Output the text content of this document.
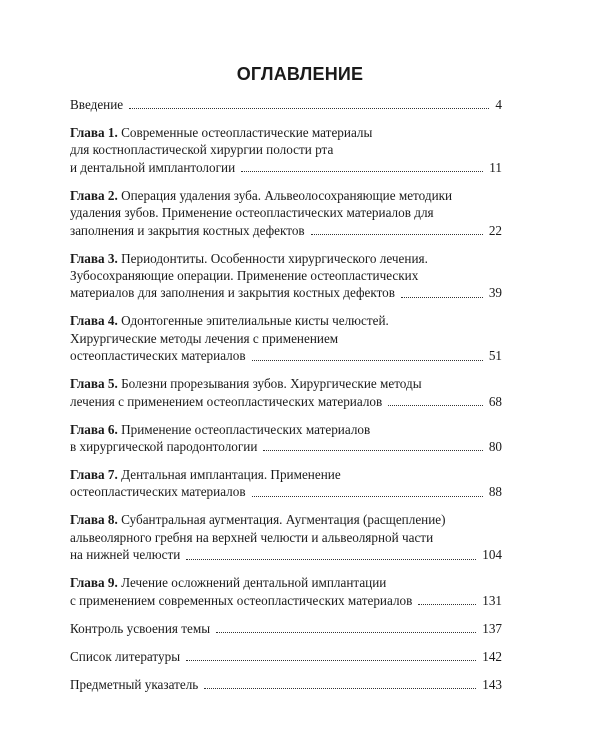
ОГЛАВЛЕНИЕ
Введение	4
Глава 1. Современные остеопластические материалы
для костнопластической хирургии полости рта
и дентальной имплантологии	11
Глава 2. Операция удаления зуба. Альвеолосохраняющие методики
удаления зубов. Применение остеопластических материалов для
заполнения и закрытия костных дефектов	22
Глава 3. Периодонтиты. Особенности хирургического лечения.
Зубосохраняющие операции. Применение остеопластических
материалов для заполнения и закрытия костных дефектов	39
Глава 4. Одонтогенные эпителиальные кисты челюстей.
Хирургические методы лечения с применением
остеопластических материалов	51
Глава 5. Болезни прорезывания зубов. Хирургические методы
лечения с применением остеопластических материалов	68
Глава 6. Применение остеопластических материалов
в хирургической пародонтологии	80
Глава 7. Дентальная имплантация. Применение
остеопластических материалов	88
Глава 8. Субантральная аугментация. Аугментация (расщепление)
альвеолярного гребня на верхней челюсти и альвеолярной части
на нижней челюсти	104
Глава 9. Лечение осложнений дентальной имплантации
с применением современных остеопластических материалов	131
Контроль усвоения темы	137
Список литературы	142
Предметный указатель	143
